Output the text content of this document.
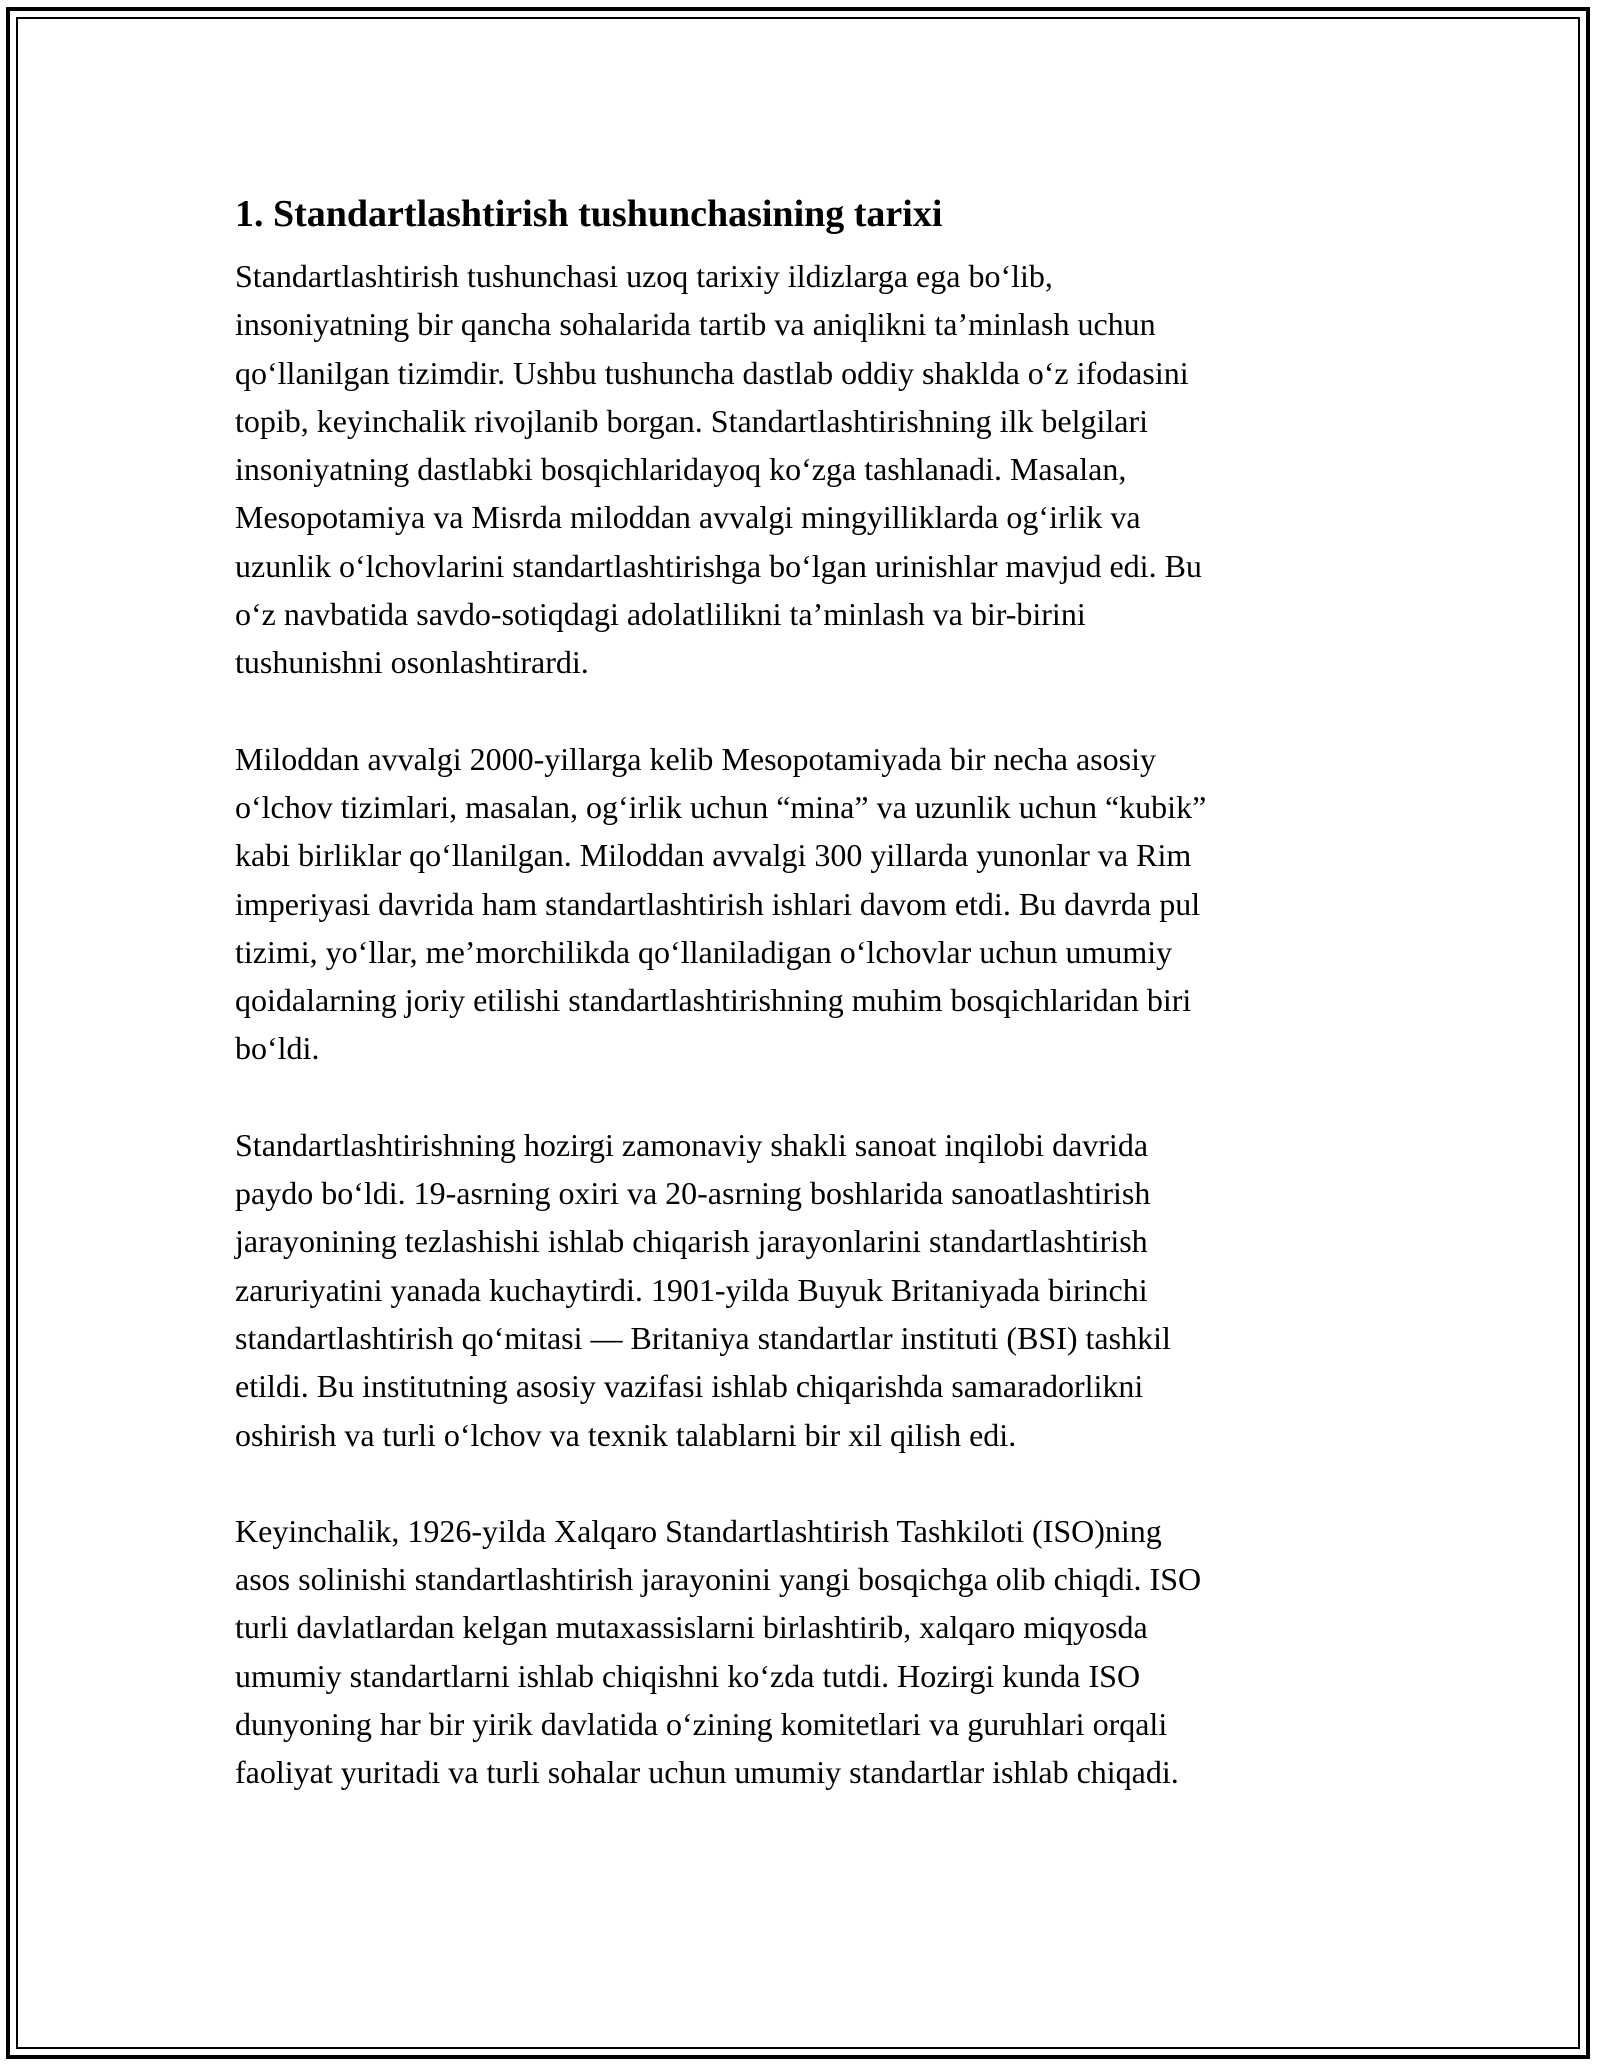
1. Standartlashtirish tushunchasining tarixi

Standartlashtirish tushunchasi uzoq tarixiy ildizlarga ega bo‘lib,
insoniyatning bir qancha sohalarida tartib va aniqlikni ta’minlash uchun
qo‘llanilgan tizimdir. Ushbu tushuncha dastlab oddiy shaklda o‘z ifodasini
topib, keyinchalik rivojlanib borgan. Standartlashtirishning ilk belgilari
insoniyatning dastlabki bosqichlaridayoq ko‘zga tashlanadi. Masalan,
Mesopotamiya va Misrda miloddan avvalgi mingyilliklarda og‘irlik va
uzunlik o‘lchovlarini standartlashtirishga bo‘lgan urinishlar mavjud edi. Bu
o‘z navbatida savdo-sotiqdagi adolatlilikni ta’minlash va bir-birini
tushunishni osonlashtirardi.

Miloddan avvalgi 2000-yillarga kelib Mesopotamiyada bir necha asosiy
o‘lchov tizimlari, masalan, og‘irlik uchun “mina” va uzunlik uchun “kubik”
kabi birliklar qo‘llanilgan. Miloddan avvalgi 300 yillarda yunonlar va Rim
imperiyasi davrida ham standartlashtirish ishlari davom etdi. Bu davrda pul
tizimi, yo‘llar, me’morchilikda qo‘llaniladigan o‘lchovlar uchun umumiy
qoidalarning joriy etilishi standartlashtirishning muhim bosqichlaridan biri
bo‘ldi.

Standartlashtirishning hozirgi zamonaviy shakli sanoat inqilobi davrida
paydo bo‘ldi. 19-asrning oxiri va 20-asrning boshlarida sanoatlashtirish
jarayonining tezlashishi ishlab chiqarish jarayonlarini standartlashtirish
zaruriyatini yanada kuchaytirdi. 1901-yilda Buyuk Britaniyada birinchi
standartlashtirish qo‘mitasi — Britaniya standartlar instituti (BSI) tashkil
etildi. Bu institutning asosiy vazifasi ishlab chiqarishda samaradorlikni
oshirish va turli o‘lchov va texnik talablarni bir xil qilish edi.

Keyinchalik, 1926-yilda Xalqaro Standartlashtirish Tashkiloti (ISO)ning
asos solinishi standartlashtirish jarayonini yangi bosqichga olib chiqdi. ISO
turli davlatlardan kelgan mutaxassislarni birlashtirib, xalqaro miqyosda
umumiy standartlarni ishlab chiqishni ko‘zda tutdi. Hozirgi kunda ISO
dunyoning har bir yirik davlatida o‘zining komitetlari va guruhlari orqali
faoliyat yuritadi va turli sohalar uchun umumiy standartlar ishlab chiqadi.
